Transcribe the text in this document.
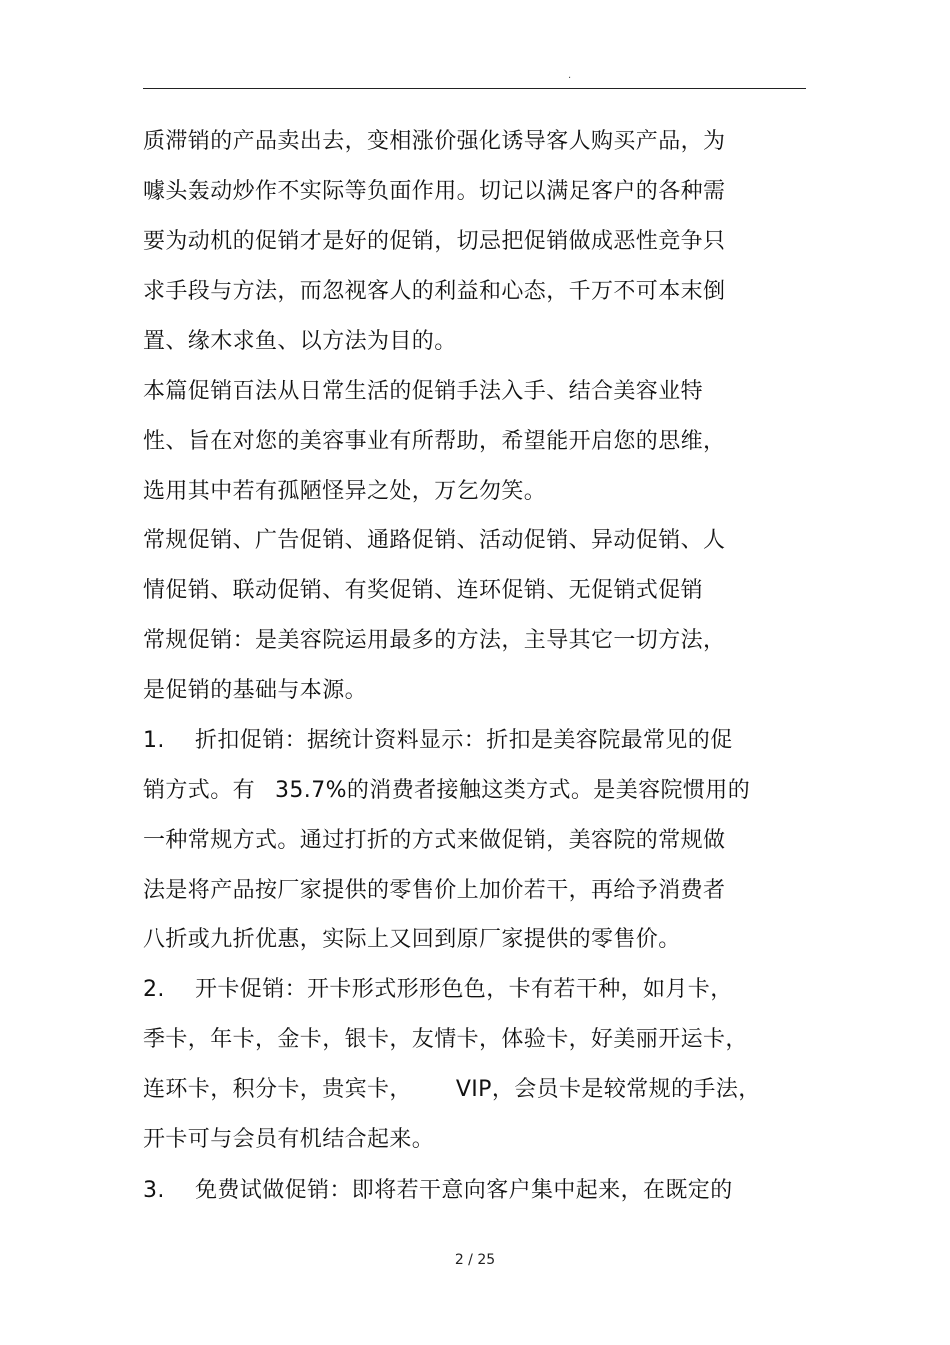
.
质滞销的产品卖出去，变相涨价强化诱导客人购买产品，为
噱头轰动炒作不实际等负面作用。切记以满足客户的各种需
要为动机的促销才是好的促销，切忌把促销做成恶性竞争只
求手段与方法，而忽视客人的利益和心态，千万不可本末倒
置、缘木求鱼、以方法为目的。
本篇促销百法从日常生活的促销手法入手、结合美容业特
性、旨在对您的美容事业有所帮助，希望能开启您的思维，
选用其中若有孤陋怪异之处，万乞勿笑。
常规促销、广告促销、通路促销、活动促销、异动促销、人
情促销、联动促销、有奖促销、连环促销、无促销式促销
常规促销：是美容院运用最多的方法，主导其它一切方法，
是促销的基础与本源。
1. 折扣促销：据统计资料显示：折扣是美容院最常见的促
销方式。有 35.7%的消费者接触这类方式。是美容院惯用的
一种常规方式。通过打折的方式来做促销，美容院的常规做
法是将产品按厂家提供的零售价上加价若干，再给予消费者
八折或九折优惠，实际上又回到原厂家提供的零售价。
2. 开卡促销：开卡形式形形色色，卡有若干种，如月卡，
季卡，年卡，金卡，银卡，友情卡，体验卡，好美丽开运卡，
连环卡，积分卡，贵宾卡， VIP，会员卡是较常规的手法，
开卡可与会员有机结合起来。
3. 免费试做促销：即将若干意向客户集中起来，在既定的
2 / 25
